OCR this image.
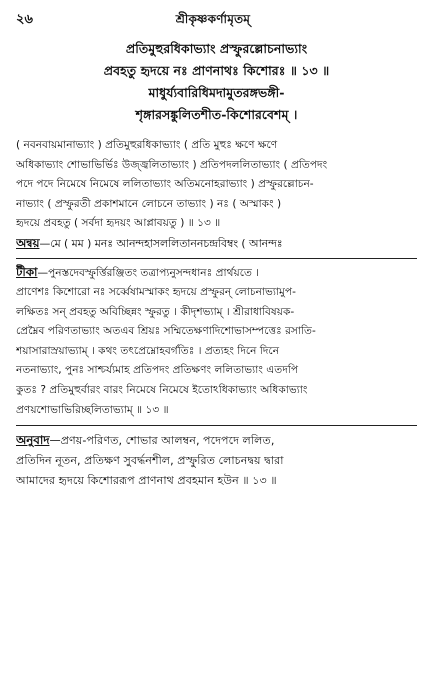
২৬	শ্রীকৃষ্ণকর্ণামৃতম্‌
প্রতিমুহুরধিকাভ্যাং প্রস্ফুরল্লোচনাভ্যাং
প্রবহতু হৃদয়ে নঃ প্রাণনাথঃ কিশোরঃ ॥ ১৩ ॥
মাধুর্য্যবারিধিমদামুতরঙ্গভঙ্গী-
শৃঙ্গারসঙ্কুলিতশীত-কিশোরবেশম্‌ ।
( নবনবায়মানাভ্যাং ) প্রতিমুহুরধিকাভ্যাং ( প্রতি মুহুঃ ক্ষণে ক্ষণে
অধিকাভ্যাং শোভাভির্ভিঃ উজ্জ্বলিতাভ্যাং ) প্রতিপদললিতাভ্যাং ( প্রতিপদং
পদে পদে নিমেষে নিমেষে ললিতাভ্যাং অতিমনোহরাভ্যাং ) প্রস্ফুরল্লোচন-
নাভ্যাং ( প্রস্ফুরতী প্রকাশমানে লোচনে তাভ্যাং ) নঃ ( অস্মাকং )
হৃদয়ে প্রবহতু ( সর্বদা হৃদয়ং আপ্লাবয়তু ) ॥ ১৩ ॥
অন্বয়—মে ( মম ) মনঃ আনন্দহাসললিতাননচন্দ্রবিম্বং ( আনন্দঃ
টীকা—পুনস্তদেবস্ফুর্ত্তিরঞ্জিতং তত্রাপ্যনুসন্দধানঃ প্রার্থয়তে ।
প্রাণেশঃ কিশোরো নঃ সর্ব্বেষামস্মাকং হৃদয়ে প্রস্ফুরন্‌ লোচনাভ্যামুপ-
লক্ষিতঃ সন্‌ প্রবহতু অবিচ্ছিন্নং স্ফুরতু । কীদৃশভ্যাম্‌ । শ্রীরাধাবিষয়ক-
প্রেম্নৈব পরিণতাভ্যাং অতএব শ্রিয়ঃ সম্মিতেক্ষণাদিশোভাসম্পত্তেঃ রসাতি-
শয়াসারাস্রয়াভ্যাম্‌ । কথং তৎপ্রেম্নোহবর্গতিঃ । প্রত্যহং দিনে দিনে
নতনাভ্যাং, পুনঃ সাশ্চর্য্যমাহ প্রতিপদং প্রতিক্ষণং ললিতাভ্যাং এতদপি
কুতঃ ? প্রতিমুহুর্বারং বারং নিমেষে নিমেষে ইতোঽধিকাভ্যাং অধিকাভ্যাং
প্রণয়শোভাভিরিচ্ছলিতাভ্যাম্‌ ॥ ১৩ ॥
অনুবাদ—প্রণয়-পরিণত, শোভার আলম্বন, পদেপদে ললিত,
প্রতিদিন নূতন, প্রতিক্ষণ সুবর্দ্ধনশীল, প্রস্ফুরিত লোচনদ্বয় দ্বারা
আমাদের হৃদয়ে কিশোররূপ প্রাণনাথ প্রবহমান হউন ॥ ১৩ ॥
